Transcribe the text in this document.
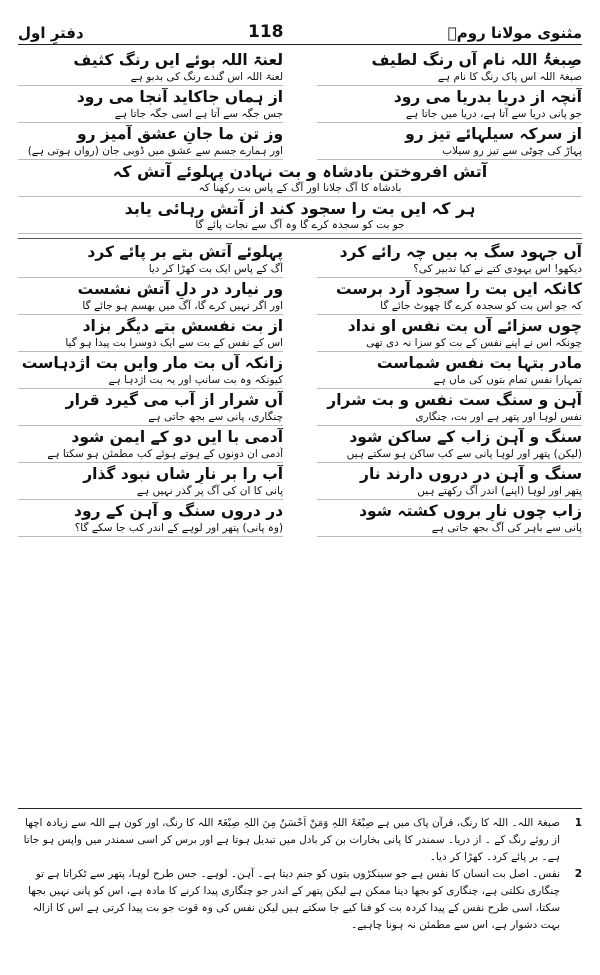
مثنوی مولانا رومؒ
118
دفترِ اول
صِبغۃُ اللہ نام آں رنگ لطیف
صبغۃ اللہ اس پاک رنگ کا نام ہے
لعنۃ اللہ بوئے ایں رنگ کثیف
لعنۃ اللہ اس گندے رنگ کی بدبو ہے
آنچہ از دریا بدریا می رود
جو پانی دریا سے آتا ہے، دریا میں جاتا ہے
از ہماں جاکاید آنجا می رود
جس جگہ سے آتا ہے اسی جگہ جاتا ہے
از سرکہ سیلہائے تیز رو
پہاڑ کی چوٹی سے تیز رو سیلاب
وز تن ما جانِ عشق آمیز رو
اور ہمارے جسم سے عشق میں ڈوبی جان (رواں ہوتی ہے)
آتش افروختن بادشاہ و بت نہادن پہلوئے آتش کہ
بادشاہ کا آگ جلانا اور آگ کے پاس بت رکھنا کہ
ہر کہ ایں بت را سجود کند از آتش رہائی یابد
جو بت کو سجدہ کرے گا وہ آگ سے نجات پائے گا
آں جہود سگ بہ بیں چہ رائے کرد
دیکھو! اس یہودی کتے نے کیا تدبیر کی؟
پہلوئے آتش بتے بر پائے کرد
آگ کے پاس ایک بت کھڑا کر دیا
کانکہ ایں بت را سجود آرد برست
کہ جو اس بت کو سجدہ کرے گا چھوٹ جائے گا
ور نیارد در دلِ آتش نشست
اور اگر نہیں کرے گا، آگ میں بھسم ہو جائے گا
چوں سزائے آں بت نفس او نداد
چونکہ اس نے اپنے نفس کے بت کو سزا نہ دی تھی
از بت نفسش بتے دیگر بزاد
اس کے نفس کے بت سے ایک دوسرا بت پیدا ہو گیا
مادر بتہا بت نفس شماست
تمہارا نفس تمام بتوں کی ماں ہے
زانکہ آں بت مار وایں بت اژدہاست
کیونکہ وہ بت سانپ اور یہ بت اژدہا ہے
آہن و سنگ ست نفس و بت شرار
نفس لوہا اور پتھر ہے اور بت، چنگاری
آں شرار از آب می گیرد قرار
چنگاری، پانی سے بجھ جاتی ہے
سنگ و آہن زاب کے ساکن شود
(لیکن) پتھر اور لوہا پانی سے کب ساکن ہو سکتے ہیں
آدمی با ایں دو کے ایمن شود
آدمی ان دونوں کے ہوتے ہوئے کب مطمئن ہو سکتا ہے
سنگ و آہن در دروں دارند نار
پتھر اور لوہا (اپنے) اندر آگ رکھتے ہیں
آب را بر نارِ شاں نبود گذار
پانی کا ان کی آگ پر گذر نہیں ہے
زاب چوں نارِ بروں کشتہ شود
پانی سے باہر کی آگ بجھ جاتی ہے
در دروں سنگ و آہن کے رود
(وہ پانی) پتھر اور لوہے کے اندر کب جا سکے گا؟
1
صبغۃ اللہ۔ اللہ کا رنگ، قرآن پاک میں ہے صِبْغَۃَ اللہِ وَمَنْ اَحْسَنُ مِنَ اللہِ صِبْغَۃً اللہ کا رنگ، اور کون ہے اللہ سے زیادہ اچھا از روئے رنگ کے ۔ از دریا۔ سمندر کا پانی بخارات بن کر بادل میں تبدیل ہوتا ہے اور برس کر اسی سمندر میں واپس ہو جاتا ہے۔ بر پائے کرد۔ کھڑا کر دیا۔
2
نفس۔ اصل بت انسان کا نفس ہے جو سینکڑوں بتوں کو جنم دیتا ہے۔ آہن۔ لوہے۔ جس طرح لوہا، پتھر سے ٹکراتا ہے تو چنگاری نکلتی ہے، چنگاری کو بجھا دینا ممکن ہے لیکن پتھر کے اندر جو چنگاری پیدا کرنے کا مادہ ہے، اس کو پانی نہیں بجھا سکتا، اسی طرح نفس کے پیدا کردہ بت کو فنا کیے جا سکتے ہیں لیکن نفس کی وہ قوت جو بت پیدا کرتی ہے اس کا ازالہ بہت دشوار ہے، اس سے مطمئن نہ ہونا چاہیے۔
